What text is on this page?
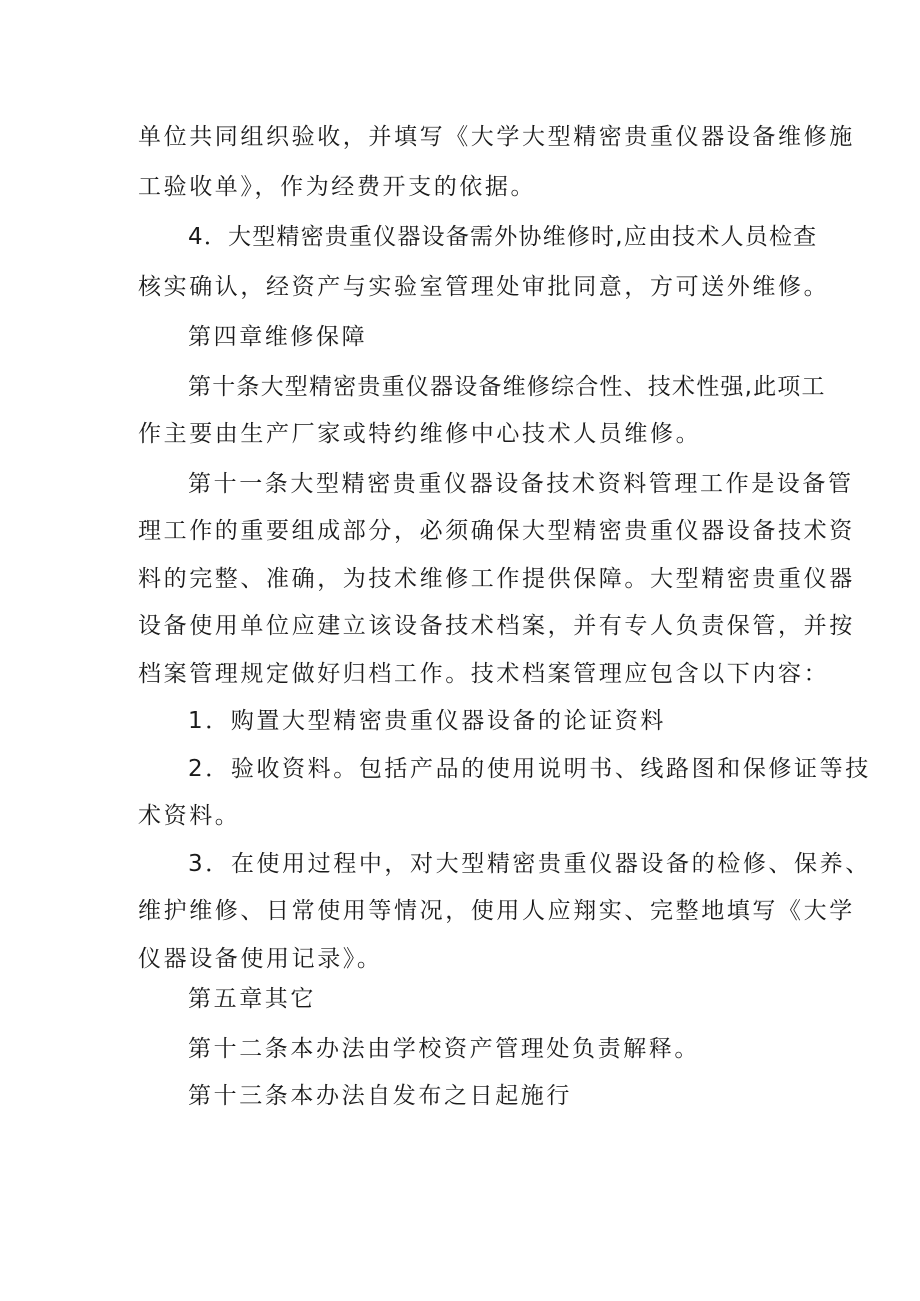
单位共同组织验收，并填写《大学大型精密贵重仪器设备维修施
工验收单》，作为经费开支的依据。
4．大型精密贵重仪器设备需外协维修时,应由技术人员检查
核实确认，经资产与实验室管理处审批同意，方可送外维修。
第四章维修保障
第十条大型精密贵重仪器设备维修综合性、技术性强,此项工
作主要由生产厂家或特约维修中心技术人员维修。
第十一条大型精密贵重仪器设备技术资料管理工作是设备管
理工作的重要组成部分，必须确保大型精密贵重仪器设备技术资
料的完整、准确，为技术维修工作提供保障。大型精密贵重仪器
设备使用单位应建立该设备技术档案，并有专人负责保管，并按
档案管理规定做好归档工作。技术档案管理应包含以下内容：
1．购置大型精密贵重仪器设备的论证资料
2．验收资料。包括产品的使用说明书、线路图和保修证等技
术资料。
3．在使用过程中，对大型精密贵重仪器设备的检修、保养、
维护维修、日常使用等情况，使用人应翔实、完整地填写《大学
仪器设备使用记录》。
第五章其它
第十二条本办法由学校资产管理处负责解释。
第十三条本办法自发布之日起施行
